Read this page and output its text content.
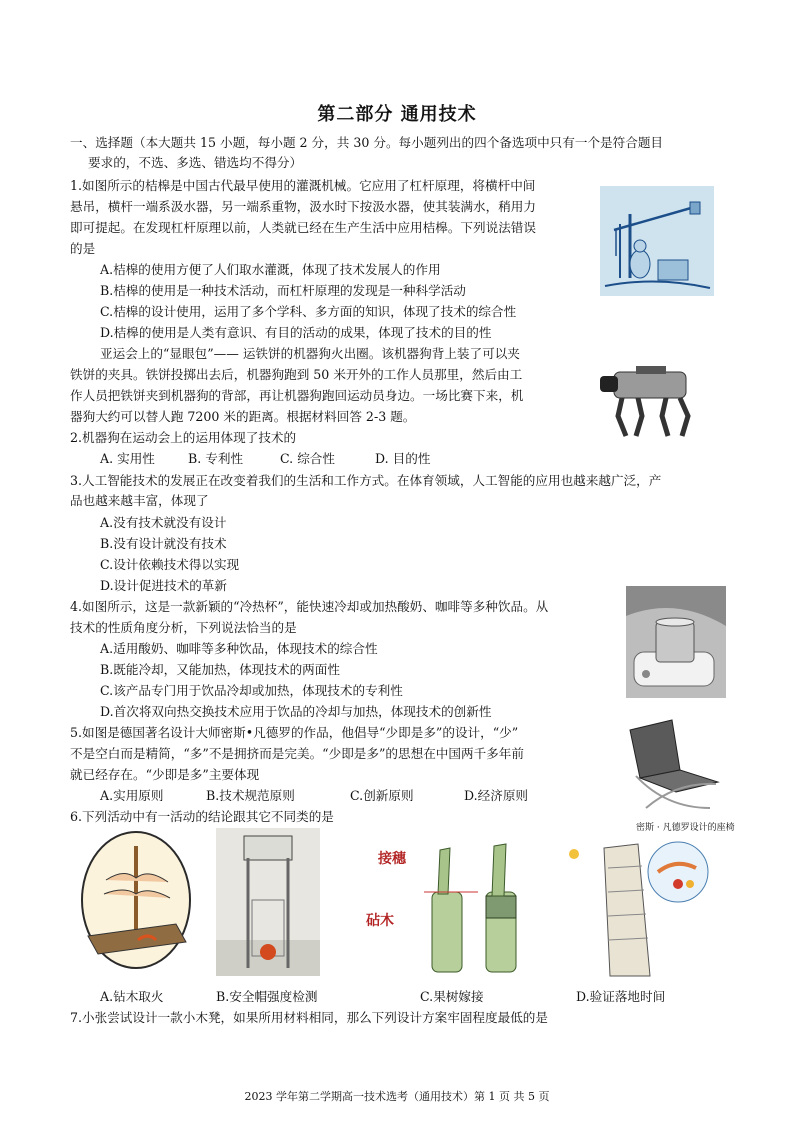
第二部分 通用技术
一、选择题（本大题共 15 小题，每小题 2 分，共 30 分。每小题列出的四个备选项中只有一个是符合题目
要求的，不选、多选、错选均不得分）
1.如图所示的桔槔是中国古代最早使用的灌溉机械。它应用了杠杆原理，将横杆中间
悬吊，横杆一端系汲水器，另一端系重物，汲水时下按汲水器，使其装满水，稍用力
即可提起。在发现杠杆原理以前，人类就已经在生产生活中应用桔槔。下列说法错误
的是
A.桔槔的使用方便了人们取水灌溉，体现了技术发展人的作用
B.桔槔的使用是一种技术活动，而杠杆原理的发现是一种科学活动
C.桔槔的设计使用，运用了多个学科、多方面的知识，体现了技术的综合性
D.桔槔的使用是人类有意识、有目的活动的成果，体现了技术的目的性
亚运会上的“显眼包”—— 运铁饼的机器狗火出圈。该机器狗背上装了可以夹
铁饼的夹具。铁饼投掷出去后，机器狗跑到 50 米开外的工作人员那里，然后由工
作人员把铁饼夹到机器狗的背部，再让机器狗跑回运动员身边。一场比赛下来，机
器狗大约可以替人跑 7200 米的距离。根据材料回答 2-3 题。
2.机器狗在运动会上的运用体现了技术的
A. 实用性	B. 专利性	C. 综合性	D. 目的性
3.人工智能技术的发展正在改变着我们的生活和工作方式。在体育领域，人工智能的应用也越来越广泛，产
品也越来越丰富，体现了
A.没有技术就没有设计
B.没有设计就没有技术
C.设计依赖技术得以实现
D.设计促进技术的革新
4.如图所示，这是一款新颖的“冷热杯”，能快速冷却或加热酸奶、咖啡等多种饮品。从
技术的性质角度分析，下列说法恰当的是
A.适用酸奶、咖啡等多种饮品，体现技术的综合性
B.既能冷却，又能加热，体现技术的两面性
C.该产品专门用于饮品冷却或加热，体现技术的专利性
D.首次将双向热交换技术应用于饮品的冷却与加热，体现技术的创新性
5.如图是德国著名设计大师密斯•凡德罗的作品，他倡导“少即是多”的设计，“少”
不是空白而是精简，“多”不是拥挤而是完美。“少即是多”的思想在中国两千多年前
就已经存在。“少即是多”主要体现
A.实用原则	B.技术规范原则	C.创新原则	D.经济原则
密斯 · 凡德罗设计的座椅
6.下列活动中有一活动的结论跟其它不同类的是
接穗
砧木
A.钻木取火	B.安全帽强度检测	C.果树嫁接	D.验证落地时间
7.小张尝试设计一款小木凳，如果所用材料相同，那么下列设计方案牢固程度最低的是
2023 学年第二学期高一技术选考（通用技术）第 1 页 共 5 页
